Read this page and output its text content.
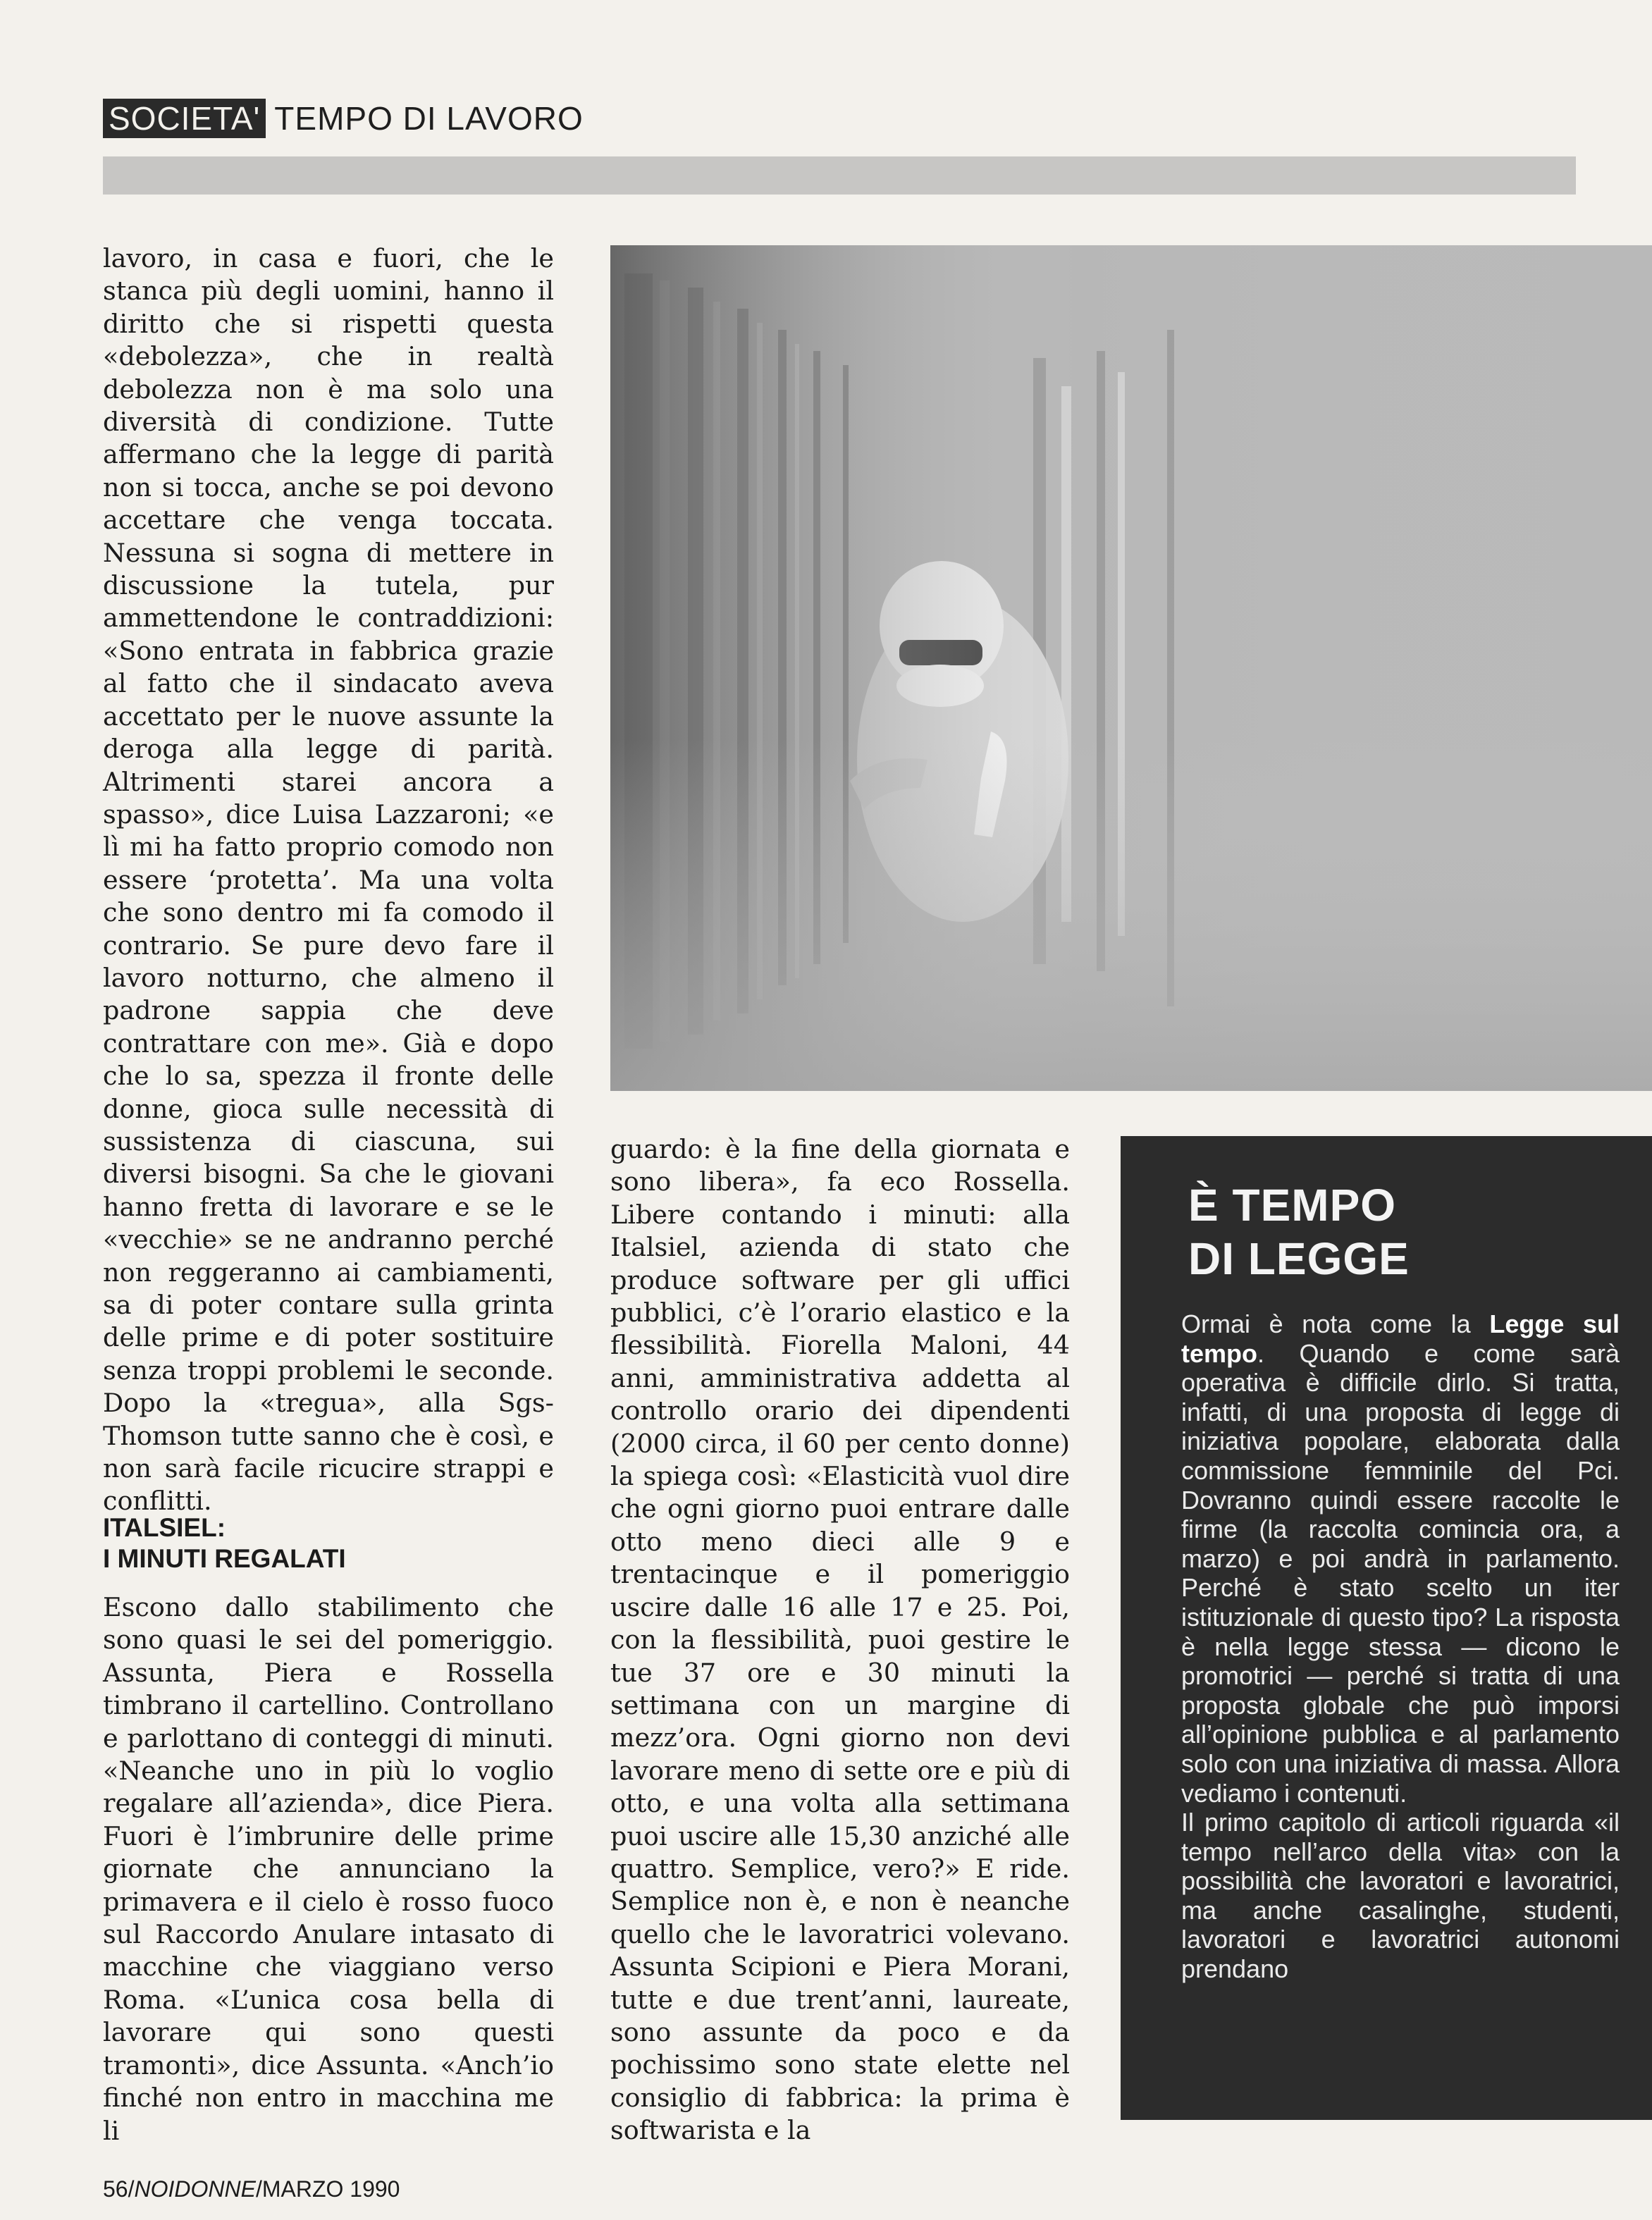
SOCIETA' TEMPO DI LAVORO

lavoro, in casa e fuori, che le stanca più degli uomini, hanno il diritto che si rispetti questa «debolezza», che in realtà debolezza non è ma solo una diversità di condizione. Tutte affermano che la legge di parità non si tocca, anche se poi devono accettare che venga toccata. Nessuna si sogna di mettere in discussione la tutela, pur ammettendone le contraddizioni: «Sono entrata in fabbrica grazie al fatto che il sindacato aveva accettato per le nuove assunte la deroga alla legge di parità. Altrimenti starei ancora a spasso», dice Luisa Lazzaroni; «e lì mi ha fatto proprio comodo non essere ‘protetta’. Ma una volta che sono dentro mi fa comodo il contrario. Se pure devo fare il lavoro notturno, che almeno il padrone sappia che deve contrattare con me». Già e dopo che lo sa, spezza il fronte delle donne, gioca sulle necessità di sussistenza di ciascuna, sui diversi bisogni. Sa che le giovani hanno fretta di lavorare e se le «vecchie» se ne andranno perché non reggeranno ai cambiamenti, sa di poter contare sulla grinta delle prime e di poter sostituire senza troppi problemi le seconde. Dopo la «tregua», alla Sgs-Thomson tutte sanno che è così, e non sarà facile ricucire strappi e conflitti.

ITALSIEL:
I MINUTI REGALATI

Escono dallo stabilimento che sono quasi le sei del pomeriggio. Assunta, Piera e Rossella timbrano il cartellino. Controllano e parlottano di conteggi di minuti. «Neanche uno in più lo voglio regalare all’azienda», dice Piera. Fuori è l’imbrunire delle prime giornate che annunciano la primavera e il cielo è rosso fuoco sul Raccordo Anulare intasato di macchine che viaggiano verso Roma. «L’unica cosa bella di lavorare qui sono questi tramonti», dice Assunta. «Anch’io finché non entro in macchina me li

guardo: è la fine della giornata e sono libera», fa eco Rossella. Libere contando i minuti: alla Italsiel, azienda di stato che produce software per gli uffici pubblici, c’è l’orario elastico e la flessibilità. Fiorella Maloni, 44 anni, amministrativa addetta al controllo orario dei dipendenti (2000 circa, il 60 per cento donne) la spiega così: «Elasticità vuol dire che ogni giorno puoi entrare dalle otto meno dieci alle 9 e trentacinque e il pomeriggio uscire dalle 16 alle 17 e 25. Poi, con la flessibilità, puoi gestire le tue 37 ore e 30 minuti la settimana con un margine di mezz’ora. Ogni giorno non devi lavorare meno di sette ore e più di otto, e una volta alla settimana puoi uscire alle 15,30 anziché alle quattro. Semplice, vero?» E ride. Semplice non è, e non è neanche quello che le lavoratrici volevano. Assunta Scipioni e Piera Morani, tutte e due trent’anni, laureate, sono assunte da poco e da pochissimo sono state elette nel consiglio di fabbrica: la prima è softwarista e la

È TEMPO
DI LEGGE

Ormai è nota come la Legge sul tempo. Quando e come sarà operativa è difficile dirlo. Si tratta, infatti, di una proposta di legge di iniziativa popolare, elaborata dalla commissione femminile del Pci. Dovranno quindi essere raccolte le firme (la raccolta comincia ora, a marzo) e poi andrà in parlamento. Perché è stato scelto un iter istituzionale di questo tipo? La risposta è nella legge stessa — dicono le promotrici — perché si tratta di una proposta globale che può imporsi all’opinione pubblica e al parlamento solo con una iniziativa di massa. Allora vediamo i contenuti.

Il primo capitolo di articoli riguarda «il tempo nell’arco della vita» con la possibilità che lavoratori e lavoratrici, ma anche casalinghe, studenti, lavoratori e lavoratrici autonomi prendano

56/NOIDONNE/MARZO 1990
